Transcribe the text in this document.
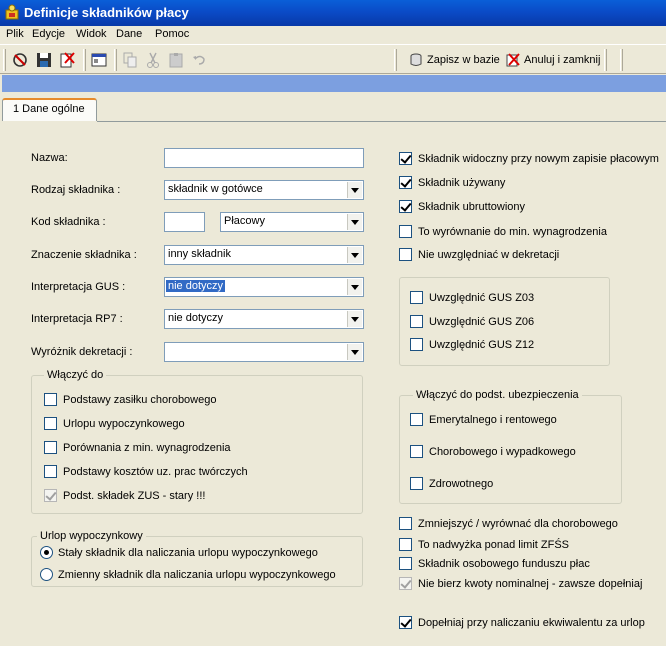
Definicje składników płacy
Plik Edycje Widok Dane Pomoc
Zapisz w bazie Anuluj i zamknij
1 Dane ogólne
Nazwa:
Rodzaj składnika :	składnik w gotówce
Kod składnika :	Płacowy
Znaczenie składnika :	inny składnik
Interpretacja GUS :	nie dotyczy
Interpretacja RP7 :	nie dotyczy
Wyróżnik dekretacji :
Włączyć do
Podstawy zasiłku chorobowego
Urlopu wypoczynkowego
Porównania z min. wynagrodzenia
Podstawy kosztów uz. prac twórczych
Podst. składek ZUS - stary !!!
Urlop wypoczynkowy
Stały składnik dla naliczania urlopu wypoczynkowego
Zmienny składnik dla naliczania urlopu wypoczynkowego
Składnik widoczny przy nowym zapisie płacowym
Składnik używany
Składnik ubruttowiony
To wyrównanie do min. wynagrodzenia
Nie uwzględniać w dekretacji
Uwzględnić GUS Z03
Uwzględnić GUS Z06
Uwzględnić GUS Z12
Włączyć do podst. ubezpieczenia
Emerytalnego i rentowego
Chorobowego i wypadkowego
Zdrowotnego
Zmniejszyć / wyrównać dla chorobowego
To nadwyżka ponad limit ZFŚS
Składnik osobowego funduszu płac
Nie bierz kwoty nominalnej - zawsze dopełniaj
Dopełniaj przy naliczaniu ekwiwalentu za urlop
